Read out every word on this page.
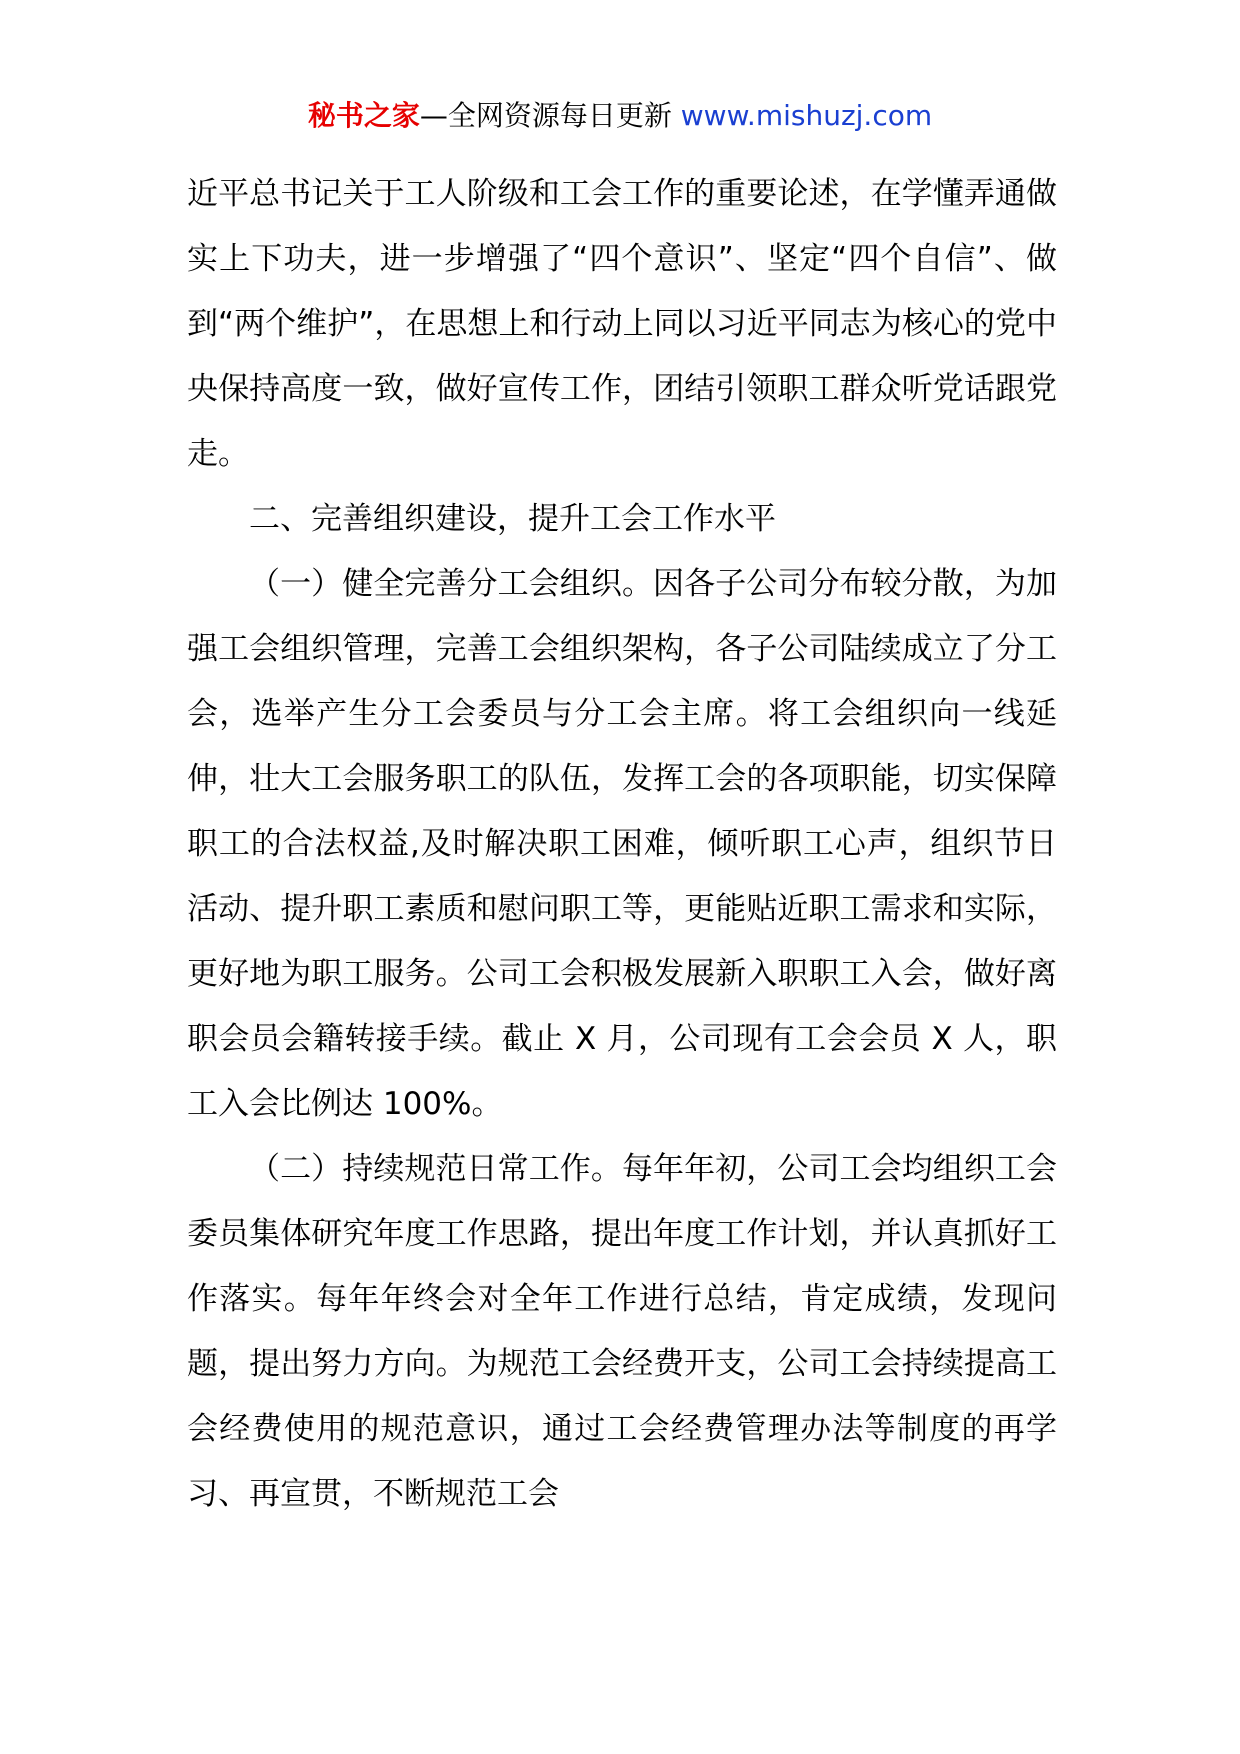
秘书之家—全网资源每日更新 www.mishuzj.com

近平总书记关于工人阶级和工会工作的重要论述，在学懂弄通做实上下功夫，进一步增强了“四个意识”、坚定“四个自信”、做到“两个维护”，在思想上和行动上同以习近平同志为核心的党中央保持高度一致，做好宣传工作，团结引领职工群众听党话跟党走。

二、完善组织建设，提升工会工作水平

（一）健全完善分工会组织。因各子公司分布较分散，为加强工会组织管理，完善工会组织架构，各子公司陆续成立了分工会，选举产生分工会委员与分工会主席。将工会组织向一线延伸，壮大工会服务职工的队伍，发挥工会的各项职能，切实保障职工的合法权益,及时解决职工困难，倾听职工心声，组织节日活动、提升职工素质和慰问职工等，更能贴近职工需求和实际，更好地为职工服务。公司工会积极发展新入职职工入会，做好离职会员会籍转接手续。截止 X 月，公司现有工会会员 X 人，职工入会比例达 100%。

（二）持续规范日常工作。每年年初，公司工会均组织工会委员集体研究年度工作思路，提出年度工作计划，并认真抓好工作落实。每年年终会对全年工作进行总结，肯定成绩，发现问题，提出努力方向。为规范工会经费开支，公司工会持续提高工会经费使用的规范意识，通过工会经费管理办法等制度的再学习、再宣贯，不断规范工会
